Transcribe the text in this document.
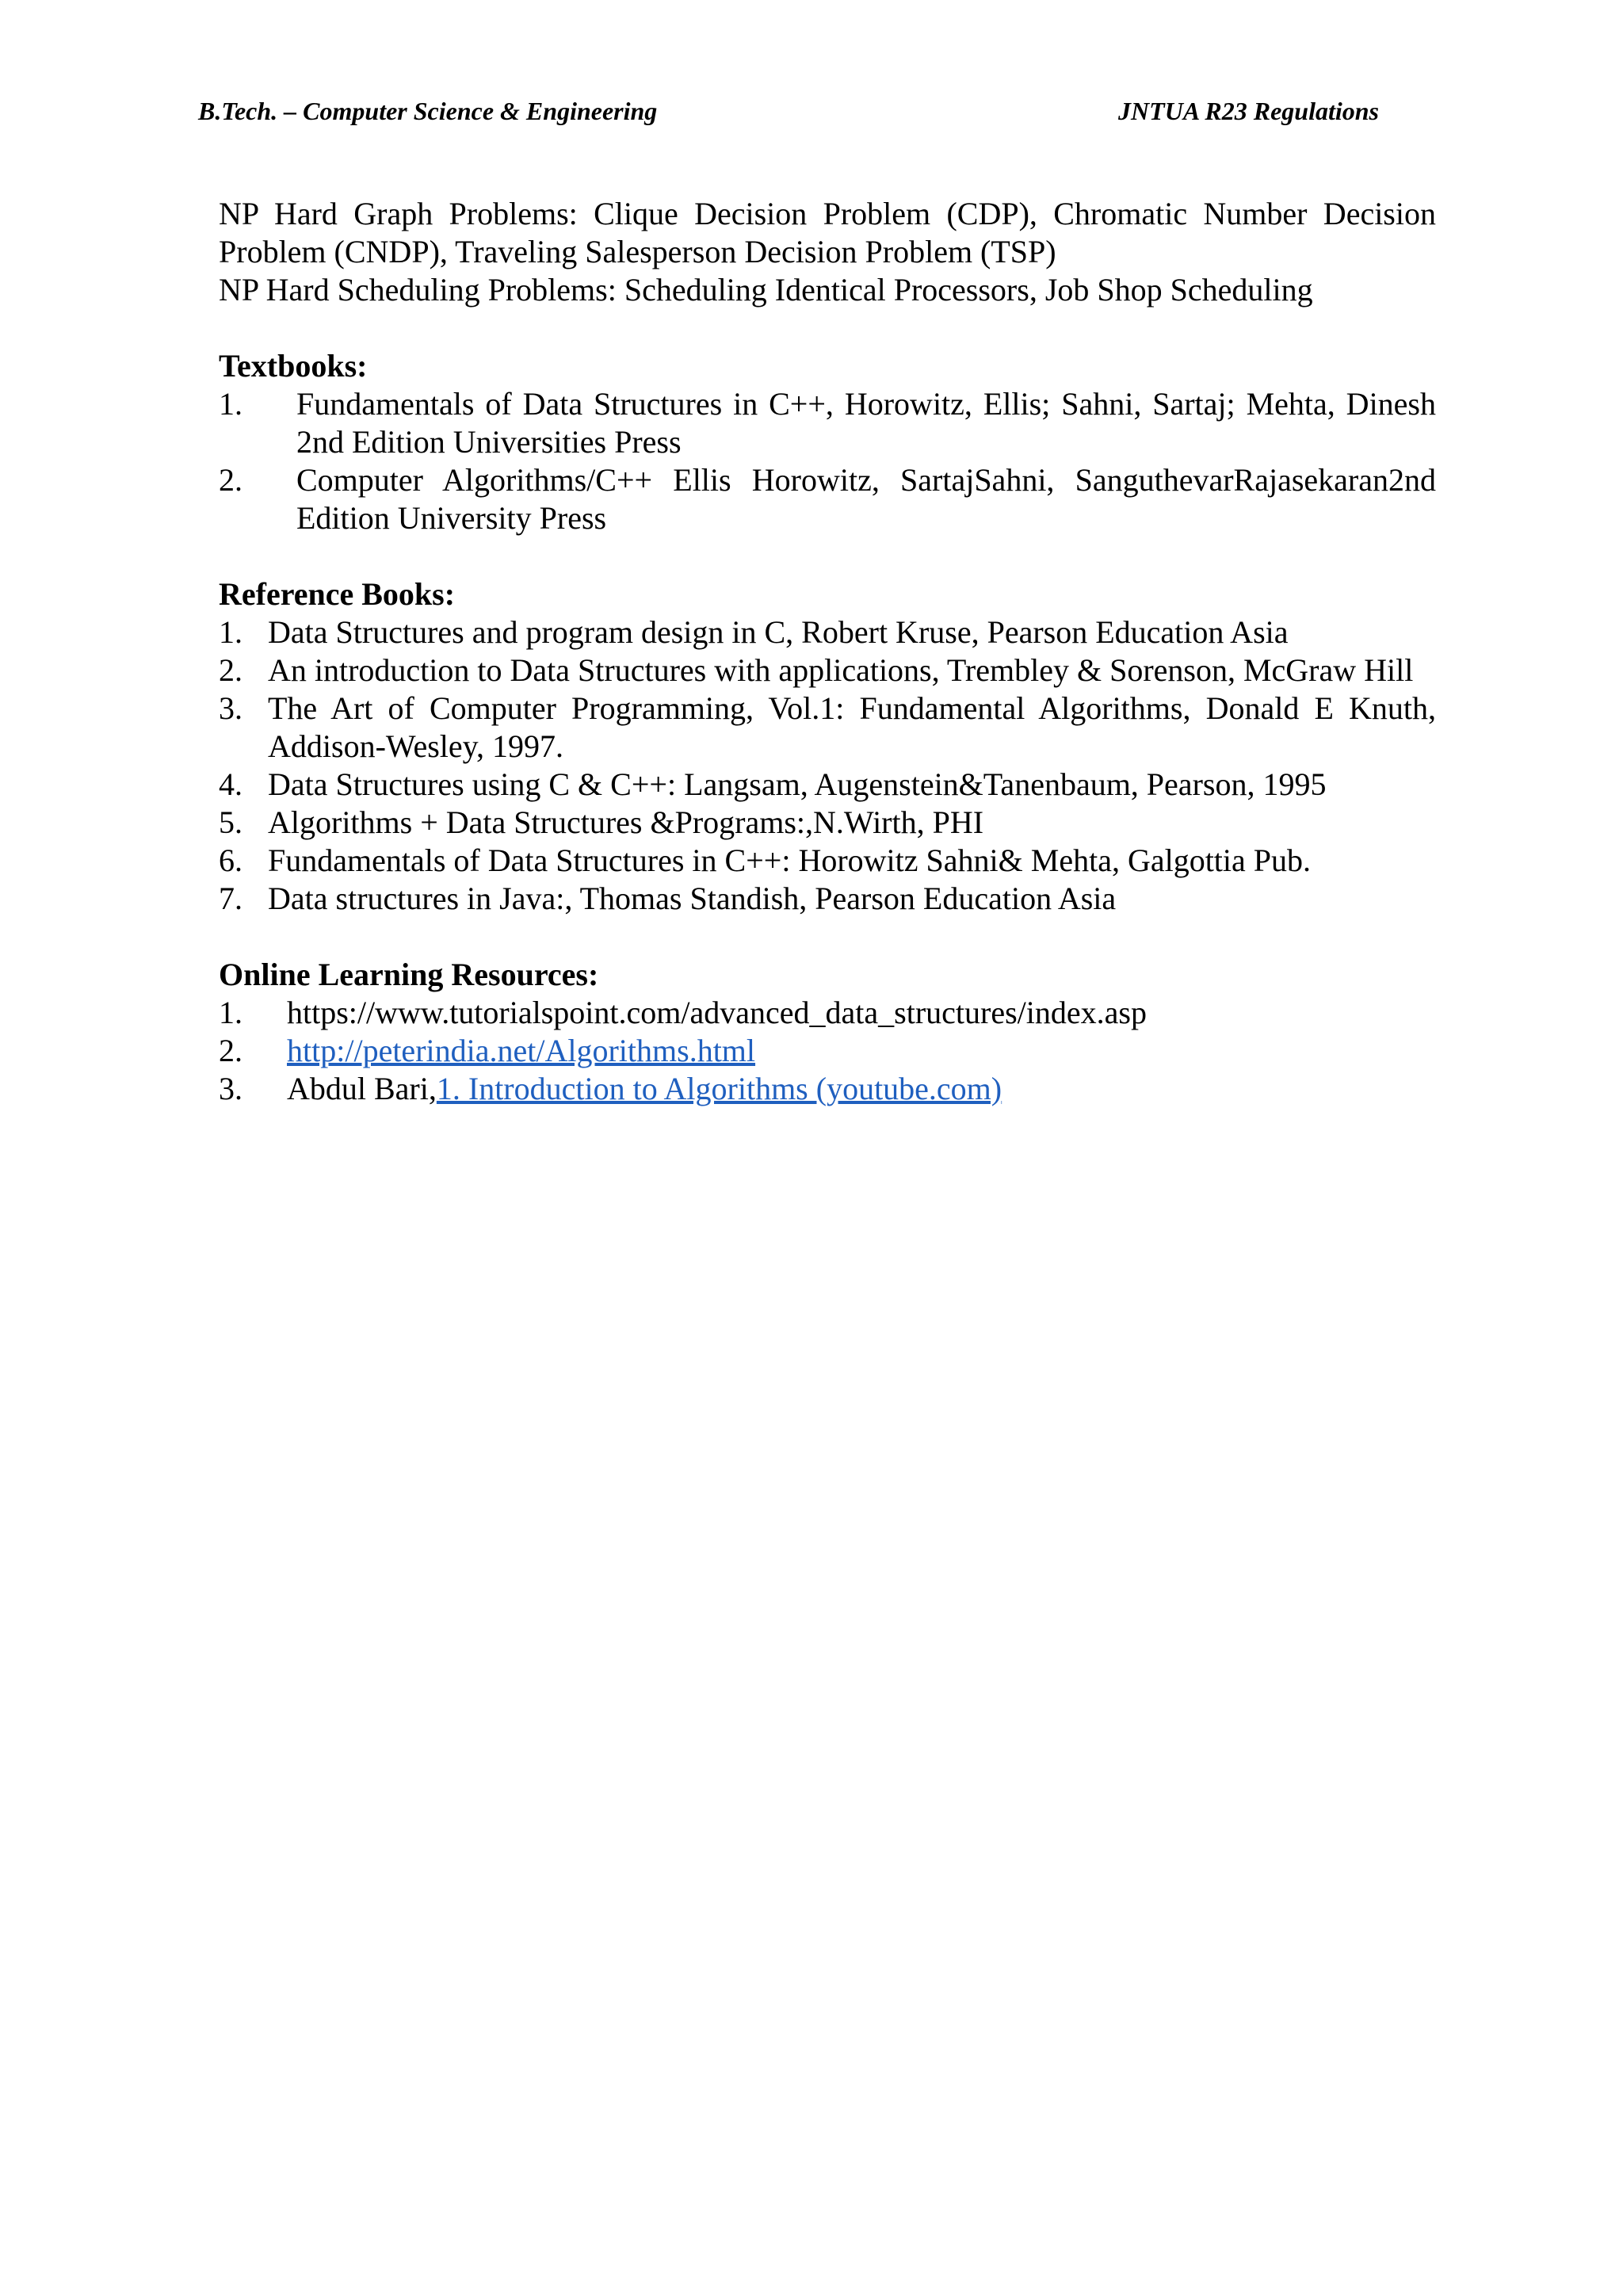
B.Tech. – Computer Science & Engineering	JNTUA R23 Regulations

NP Hard Graph Problems: Clique Decision Problem (CDP), Chromatic Number Decision Problem (CNDP), Traveling Salesperson Decision Problem (TSP)

NP Hard Scheduling Problems: Scheduling Identical Processors, Job Shop Scheduling

Textbooks:

1. Fundamentals of Data Structures in C++, Horowitz, Ellis; Sahni, Sartaj; Mehta, Dinesh 2nd Edition Universities Press
2. Computer Algorithms/C++ Ellis Horowitz, SartajSahni, SanguthevarRajasekaran2nd Edition University Press

Reference Books:

1. Data Structures and program design in C, Robert Kruse, Pearson Education Asia
2. An introduction to Data Structures with applications, Trembley & Sorenson, McGraw Hill
3. The Art of Computer Programming, Vol.1: Fundamental Algorithms, Donald E Knuth, Addison-Wesley, 1997.
4. Data Structures using C & C++: Langsam, Augenstein&Tanenbaum, Pearson, 1995
5. Algorithms + Data Structures &Programs:,N.Wirth, PHI
6. Fundamentals of Data Structures in C++: Horowitz Sahni& Mehta, Galgottia Pub.
7. Data structures in Java:, Thomas Standish, Pearson Education Asia

Online Learning Resources:

1. https://www.tutorialspoint.com/advanced_data_structures/index.asp
2. http://peterindia.net/Algorithms.html
3. Abdul Bari,1. Introduction to Algorithms (youtube.com)
